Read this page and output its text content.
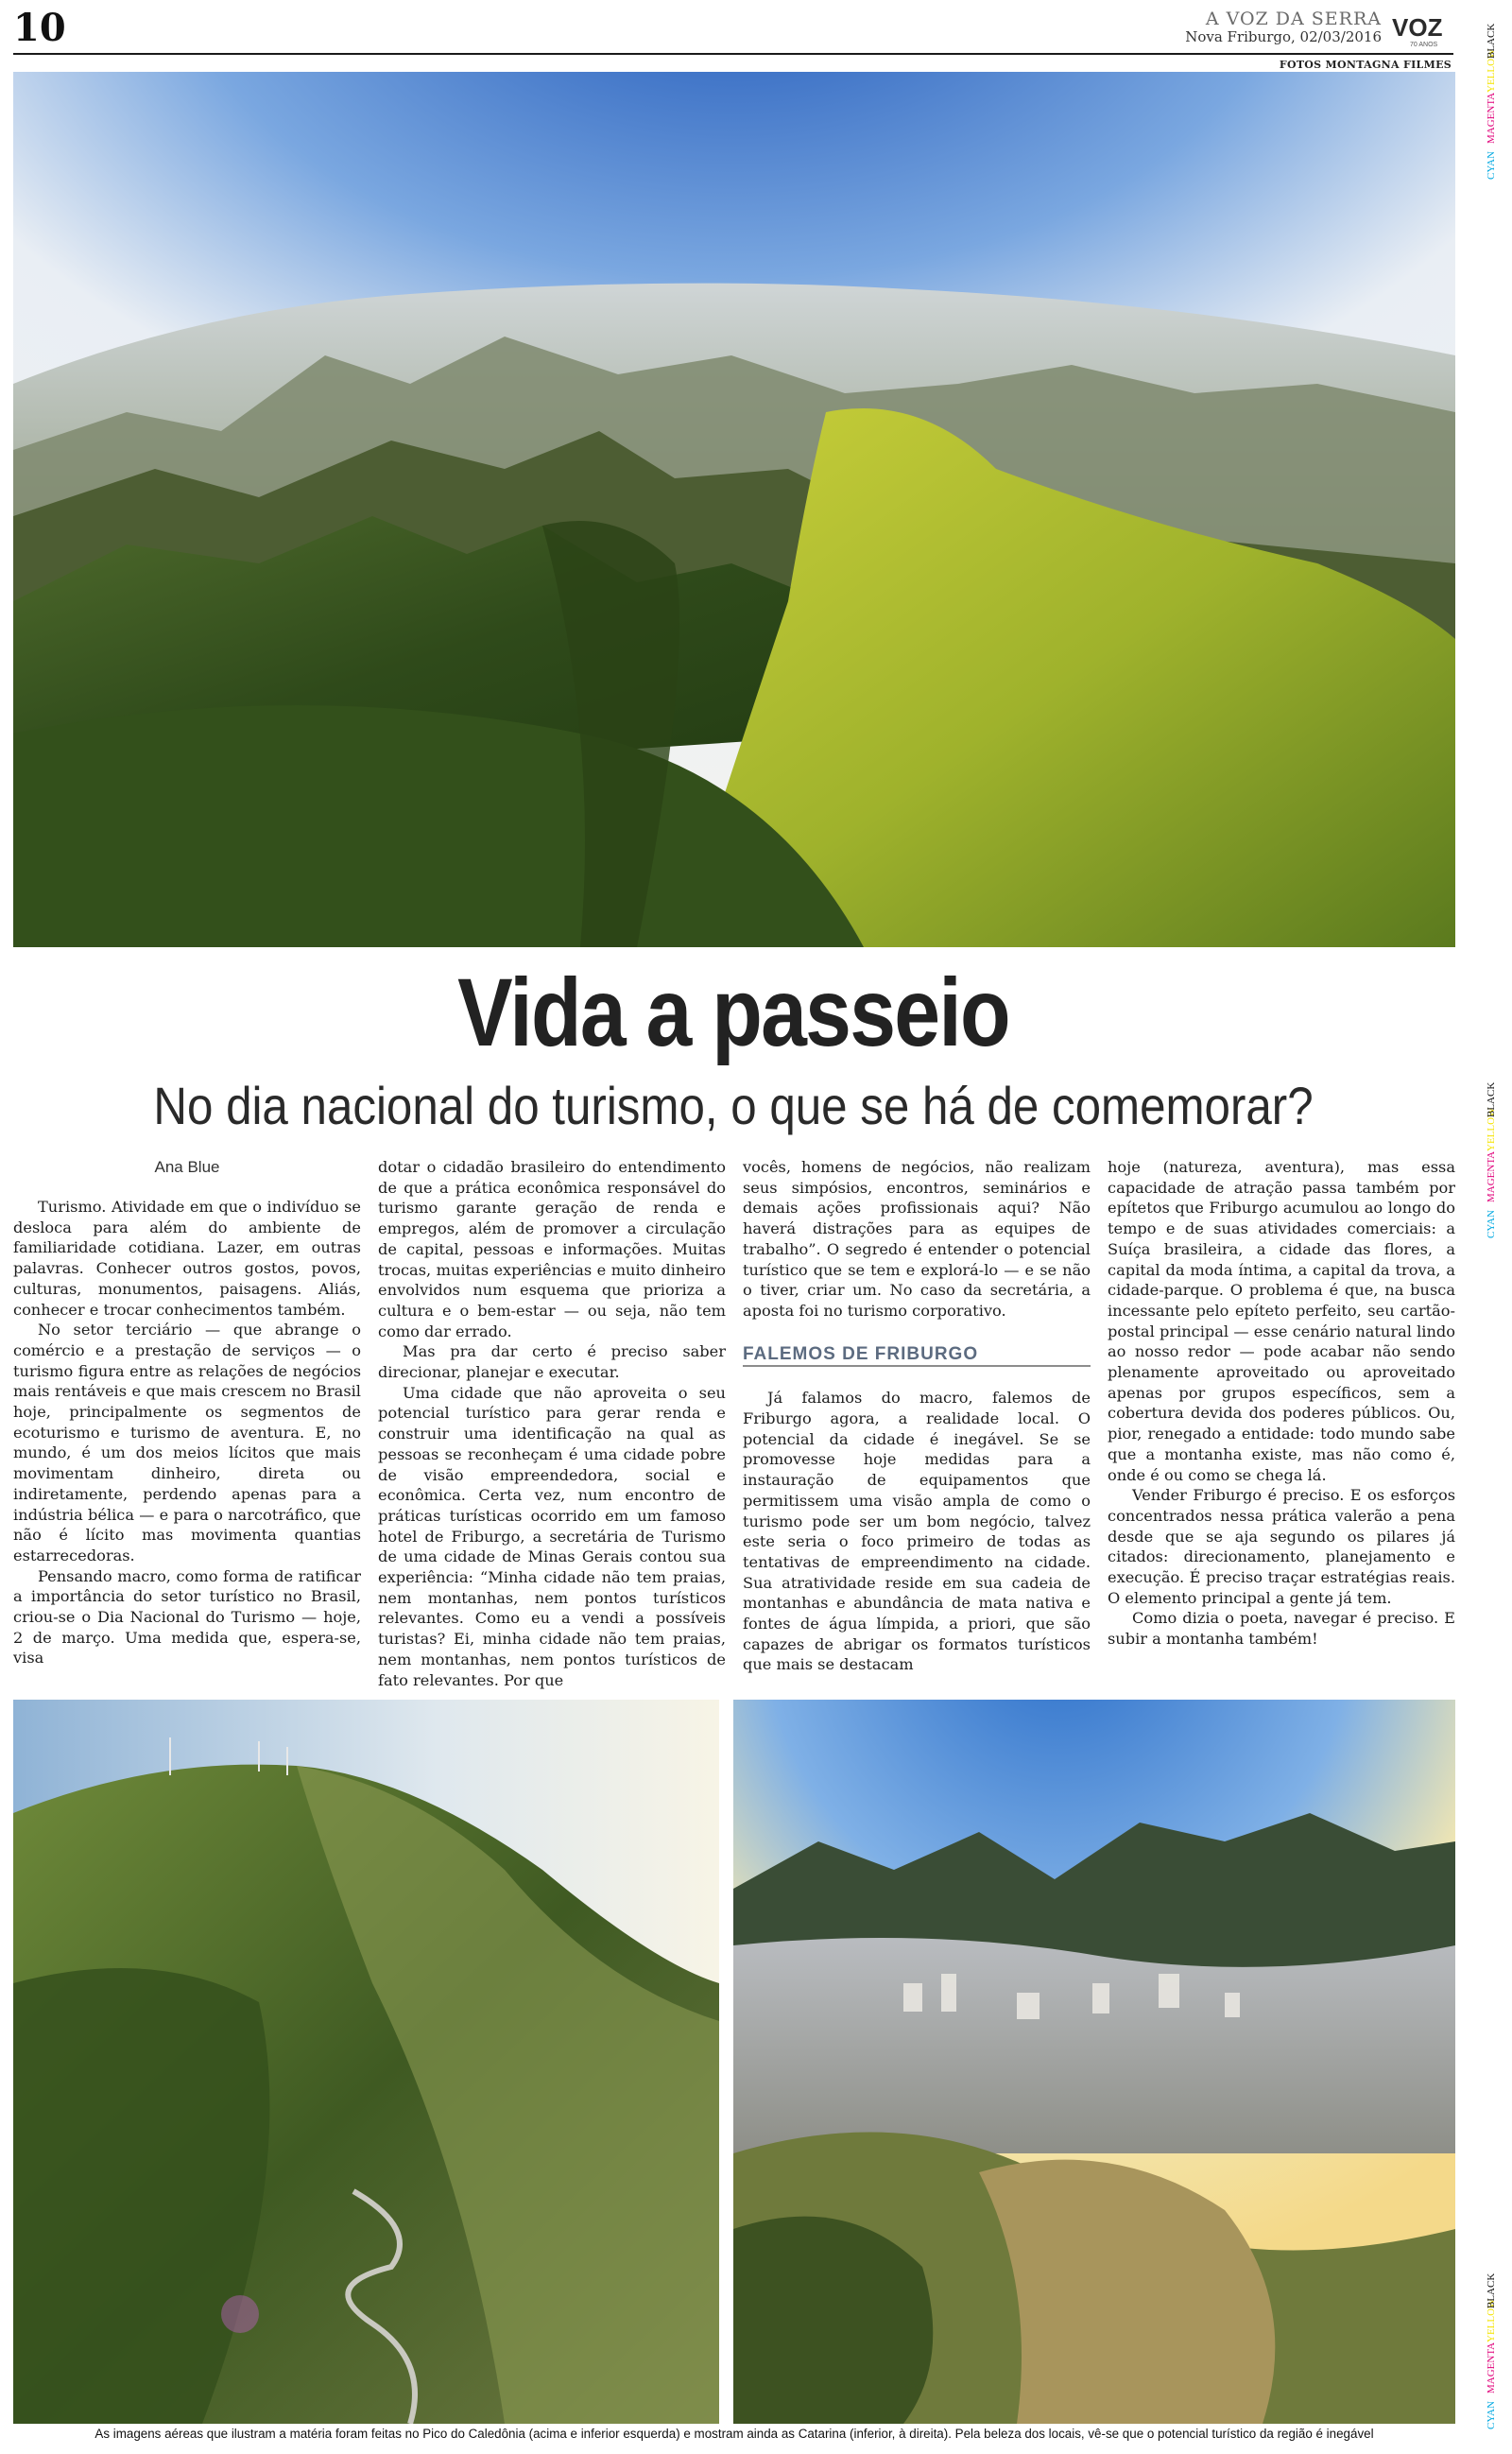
10	A VOZ DA SERRA
Nova Friburgo, 02/03/2016 VOZ
70 ANOS
FOTOS MONTAGNA FILMES
CYAN
MAGENTA
YELLOW
BLACK
CYAN
MAGENTA
YELLOW
BLACK
CYAN
MAGENTA
YELLOW
BLACK
Vida a passeio
No dia nacional do turismo, o que se há de comemorar?
Ana Blue

Turismo. Atividade em que o indivíduo se desloca para além do ambiente de familiaridade cotidiana. Lazer, em outras palavras. Conhecer outros gostos, povos, culturas, monumentos, paisagens. Aliás, conhecer e trocar conhecimentos também.

No setor terciário — que abrange o comércio e a prestação de serviços — o turismo figura entre as relações de negócios mais rentáveis e que mais crescem no Brasil hoje, principalmente os segmentos de ecoturismo e turismo de aventura. E, no mundo, é um dos meios lícitos que mais movimentam dinheiro, direta ou indiretamente, perdendo apenas para a indústria bélica — e para o narcotráfico, que não é lícito mas movimenta quantias estarrecedoras.

Pensando macro, como forma de ratificar a importância do setor turístico no Brasil, criou-se o Dia Nacional do Turismo — hoje, 2 de março. Uma medida que, espera-se, visa

dotar o cidadão brasileiro do entendimento de que a prática econômica responsável do turismo garante geração de renda e empregos, além de promover a circulação de capital, pessoas e informações. Muitas trocas, muitas experiências e muito dinheiro envolvidos num esquema que prioriza a cultura e o bem-estar — ou seja, não tem como dar errado.

Mas pra dar certo é preciso saber direcionar, planejar e executar.

Uma cidade que não aproveita o seu potencial turístico para gerar renda e construir uma identificação na qual as pessoas se reconheçam é uma cidade pobre de visão empreendedora, social e econômica. Certa vez, num encontro de práticas turísticas ocorrido em um famoso hotel de Friburgo, a secretária de Turismo de uma cidade de Minas Gerais contou sua experiência: “Minha cidade não tem praias, nem montanhas, nem pontos turísticos relevantes. Como eu a vendi a possíveis turistas? Ei, minha cidade não tem praias, nem montanhas, nem pontos turísticos de fato relevantes. Por que

vocês, homens de negócios, não realizam seus simpósios, encontros, seminários e demais ações profissionais aqui? Não haverá distrações para as equipes de trabalho”. O segredo é entender o potencial turístico que se tem e explorá-lo — e se não o tiver, criar um. No caso da secretária, a aposta foi no turismo corporativo.

FALEMOS DE FRIBURGO

Já falamos do macro, falemos de Friburgo agora, a realidade local. O potencial da cidade é inegável. Se se promovesse hoje medidas para a instauração de equipamentos que permitissem uma visão ampla de como o turismo pode ser um bom negócio, talvez este seria o foco primeiro de todas as tentativas de empreendimento na cidade. Sua atratividade reside em sua cadeia de montanhas e abundância de mata nativa e fontes de água límpida, a priori, que são capazes de abrigar os formatos turísticos que mais se destacam

hoje (natureza, aventura), mas essa capacidade de atração passa também por epítetos que Friburgo acumulou ao longo do tempo e de suas atividades comerciais: a Suíça brasileira, a cidade das flores, a capital da moda íntima, a capital da trova, a cidade-parque. O problema é que, na busca incessante pelo epíteto perfeito, seu cartão-postal principal — esse cenário natural lindo ao nosso redor — pode acabar não sendo plenamente aproveitado ou aproveitado apenas por grupos específicos, sem a cobertura devida dos poderes públicos. Ou, pior, renegado a entidade: todo mundo sabe que a montanha existe, mas não como é, onde é ou como se chega lá.

Vender Friburgo é preciso. E os esforços concentrados nessa prática valerão a pena desde que se aja segundo os pilares já citados: direcionamento, planejamento e execução. É preciso traçar estratégias reais. O elemento principal a gente já tem.

Como dizia o poeta, navegar é preciso. E subir a montanha também!

As imagens aéreas que ilustram a matéria foram feitas no Pico do Caledônia (acima e inferior esquerda) e mostram ainda as Catarina (inferior, à direita). Pela beleza dos locais, vê-se que o potencial turístico da região é inegável
